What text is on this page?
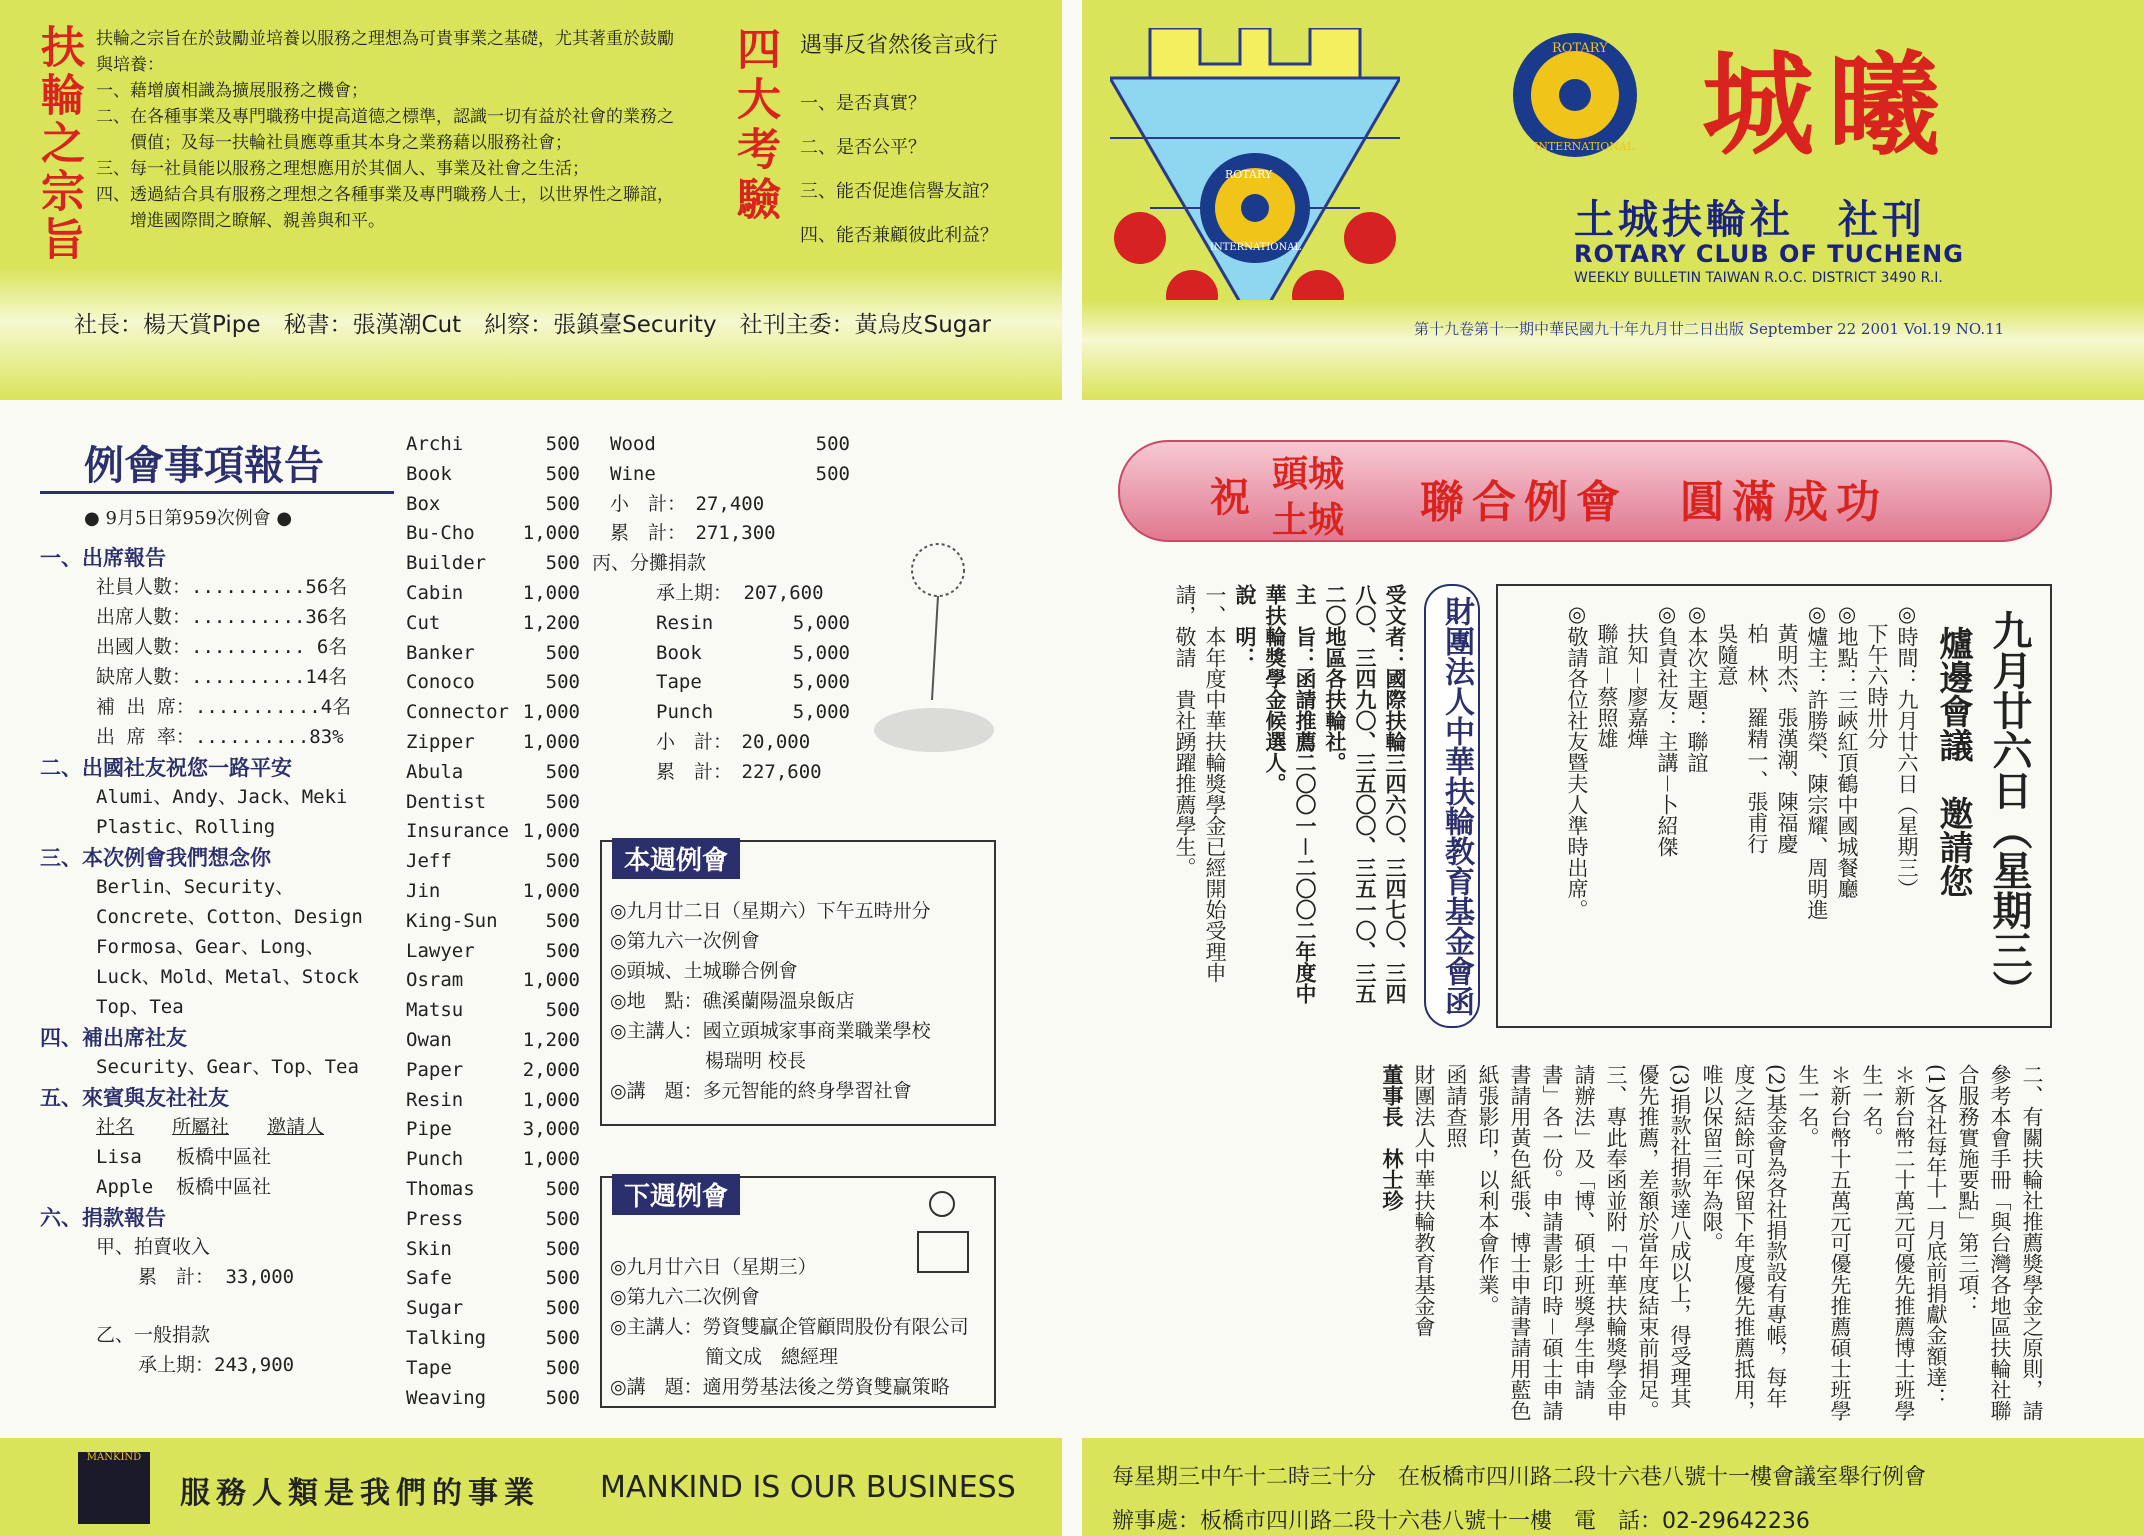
扶輪之宗旨 扶輪之宗旨在於鼓勵並培養以服務之理想為可貴事業之基礎，尤其著重於鼓勵與培養：
一、藉增廣相識為擴展服務之機會；
二、在各種事業及專門職務中提高道德之標準，認識一切有益於社會的業務之價值；及每一扶輪社員應尊重其本身之業務藉以服務社會；
三、每一社員能以服務之理想應用於其個人、事業及社會之生活；
四、透過結合具有服務之理想之各種事業及專門職務人士，以世界性之聯誼，增進國際間之瞭解、親善與和平。	四大考驗 遇事反省然後言或行
一、是否真實？
二、是否公平？
三、能否促進信譽友誼？
四、能否兼顧彼此利益？
社長：楊天賞Pipe　秘書：張漢潮Cut　糾察：張鎮臺Security　社刊主委：黃烏皮Sugar
ROTARY
INTERNATIONAL
ROTARY
INTERNATIONAL 城曦
土城扶輪社　社刊
ROTARY CLUB OF TUCHENG
WEEKLY BULLETIN TAIWAN R.O.C. DISTRICT 3490 R.I.
第十九卷第十一期中華民國九十年九月廿二日出版 September 22 2001 Vol.19 NO.11
例會事項報告
● 9月5日第959次例會 ●
一、出席報告
社員人數：..........56名
出席人數：..........36名
出國人數：.......... 6名
缺席人數：..........14名
補 出 席：...........4名
出 席 率：..........83%
二、出國社友祝您一路平安
Alumi、Andy、Jack、Meki
Plastic、Rolling
三、本次例會我們想念你
Berlin、Security、
Concrete、Cotton、Design
Formosa、Gear、Long、
Luck、Mold、Metal、Stock
Top、Tea
四、補出席社友
Security、Gear、Top、Tea
五、來賓與友社社友
社名　　 所屬社　　 邀請人
Lisa 板橋中區社
Apple 板橋中區社
六、捐款報告
甲、拍賣收入
累　計： 33,000
乙、一般捐款
承上期：243,900
Archi	500
Book	500
Box	500
Bu-Cho	1,000
Builder	500
Cabin	1,000
Cut	1,200
Banker	500
Conoco	500
Connector 1,000
Zipper	1,000
Abula	500
Dentist	500
Insurance 1,000
Jeff	500
Jin	1,000
King-Sun	500
Lawyer	500
Osram	1,000
Matsu	500
Owan	1,200
Paper	2,000
Resin	1,000
Pipe	3,000
Punch	1,000
Thomas	500
Press	500
Skin	500
Safe	500
Sugar	500
Talking	500
Tape	500
Weaving	500
Wood	500
Wine	500
小　計：　27,400
累　計：　271,300
丙、分攤捐款
承上期： 207,600
Resin	5,000
Book	5,000
Tape	5,000
Punch	5,000
小　計：　20,000
累　計：　227,600
本週例會
◎九月廿二日（星期六）下午五時卅分
◎第九六一次例會
◎頭城、土城聯合例會
◎地　點：礁溪蘭陽溫泉飯店
◎主講人：國立頭城家事商業職業學校
　　　　　楊瑞明 校長
◎講　題：多元智能的終身學習社會
下週例會
◎九月廿六日（星期三）
◎第九六二次例會
◎主講人：勞資雙贏企管顧問股份有限公司
　　　　　簡文成　總經理
◎講　題：適用勞基法後之勞資雙贏策略
祝 頭城
土城 聯合例會　圓滿成功
九月廿六日（星期三）
爐邊會議　邀請您
◎時間：九月廿六日（星期三）
　下午六時卅分
◎地點：三峽紅頂鶴中國城餐廳
◎爐主：許勝榮、陳宗耀、周明進
　黃明杰、張漢潮、陳福慶
　柏　林、羅精一、張甫行
　吳隨意
◎本次主題：聯誼
◎負責社友：主講－卜紹傑
　扶知－廖嘉燁
　聯誼－蔡照雄
◎敬請各位社友暨夫人準時出席。
財團法人中華扶輪教育基金會函
受文者：國際扶輪三四六〇、三四七〇、三四八〇、三四九〇、三五〇〇、三五一〇、三五二〇地區各扶輪社。
主　旨：函請推薦二〇〇一－二〇〇二年度中華扶輪獎學金候選人。
說　明：
一、本年度中華扶輪獎學金已經開始受理申請，敬請　貴社踴躍推薦學生。
二、有關扶輪社推薦獎學金之原則，請參考本會手冊「與台灣各地區扶輪社聯合服務實施要點」第三項：
(1)各社每年十一月底前捐獻金額達：
＊新台幣二十萬元可優先推薦博士班學生一名。
＊新台幣十五萬元可優先推薦碩士班學生一名。
(2)基金會為各社捐款設有專帳，每年度之結餘可保留下年度優先推薦抵用，唯以保留三年為限。
(3)捐款社捐款達八成以上，得受理其優先推薦，差額於當年度結束前捐足。
三、專此奉函並附「中華扶輪獎學金申請辦法」及「博、碩士班獎學生申請書」各一份。申請書影印時－碩士申請書請用黃色紙張、博士申請書請用藍色紙張影印，以利本會作業。
函請查照
財團法人中華扶輪教育基金會
董事長　林士珍
MANKIND
服務人類是我們的事業 MANKIND IS OUR BUSINESS	每星期三中午十二時三十分　在板橋市四川路二段十六巷八號十一樓會議室舉行例會
辦事處：板橋市四川路二段十六巷八號十一樓　電　話：02-29642236
